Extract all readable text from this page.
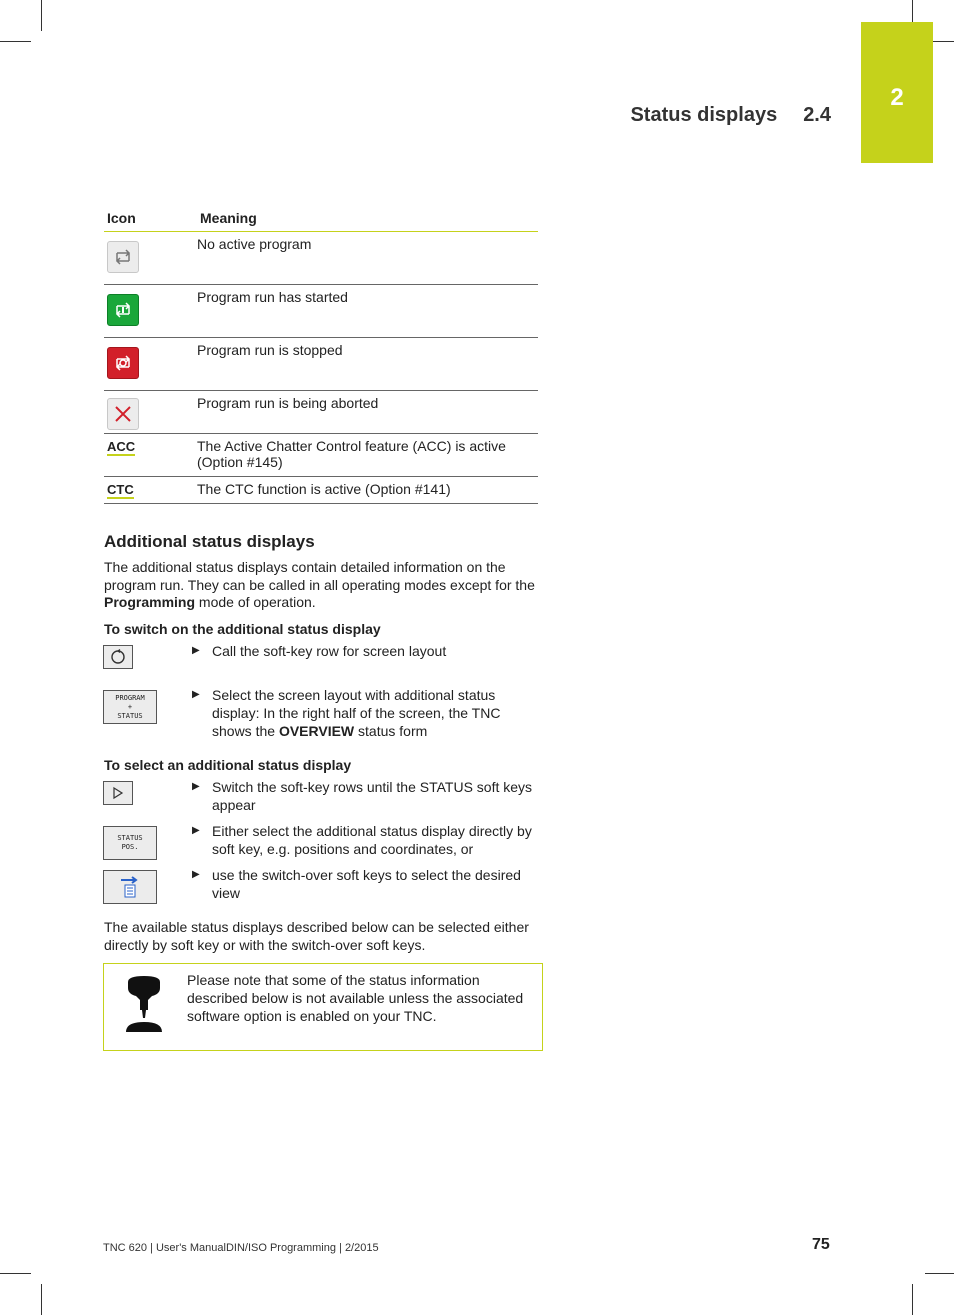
2
Status displays 2.4
Icon	Meaning

	No active program

	Program run has started

	Program run is stopped

	Program run is being aborted
ACC	The Active Chatter Control feature (ACC) is active (Option #145)
CTC	The CTC function is active (Option #141)
Additional status displays

The additional status displays contain detailed information on the program run. They can be called in all operating modes except for the Programming mode of operation.

To switch on the additional status display
▶ Call the soft-key row for screen layout
PROGRAM
+
STATUS
▶ Select the screen layout with additional status display: In the right half of the screen, the TNC shows the OVERVIEW status form
To select an additional status display
▶ Switch the soft-key rows until the STATUS soft keys appear
STATUS
POS.
▶ Either select the additional status display directly by soft key, e.g. positions and coordinates, or
▶ use the switch-over soft keys to select the desired view

The available status displays described below can be selected either directly by soft key or with the switch-over soft keys.

Please note that some of the status information described below is not available unless the associated software option is enabled on your TNC.
TNC 620 | User's ManualDIN/ISO Programming | 2/2015	75
